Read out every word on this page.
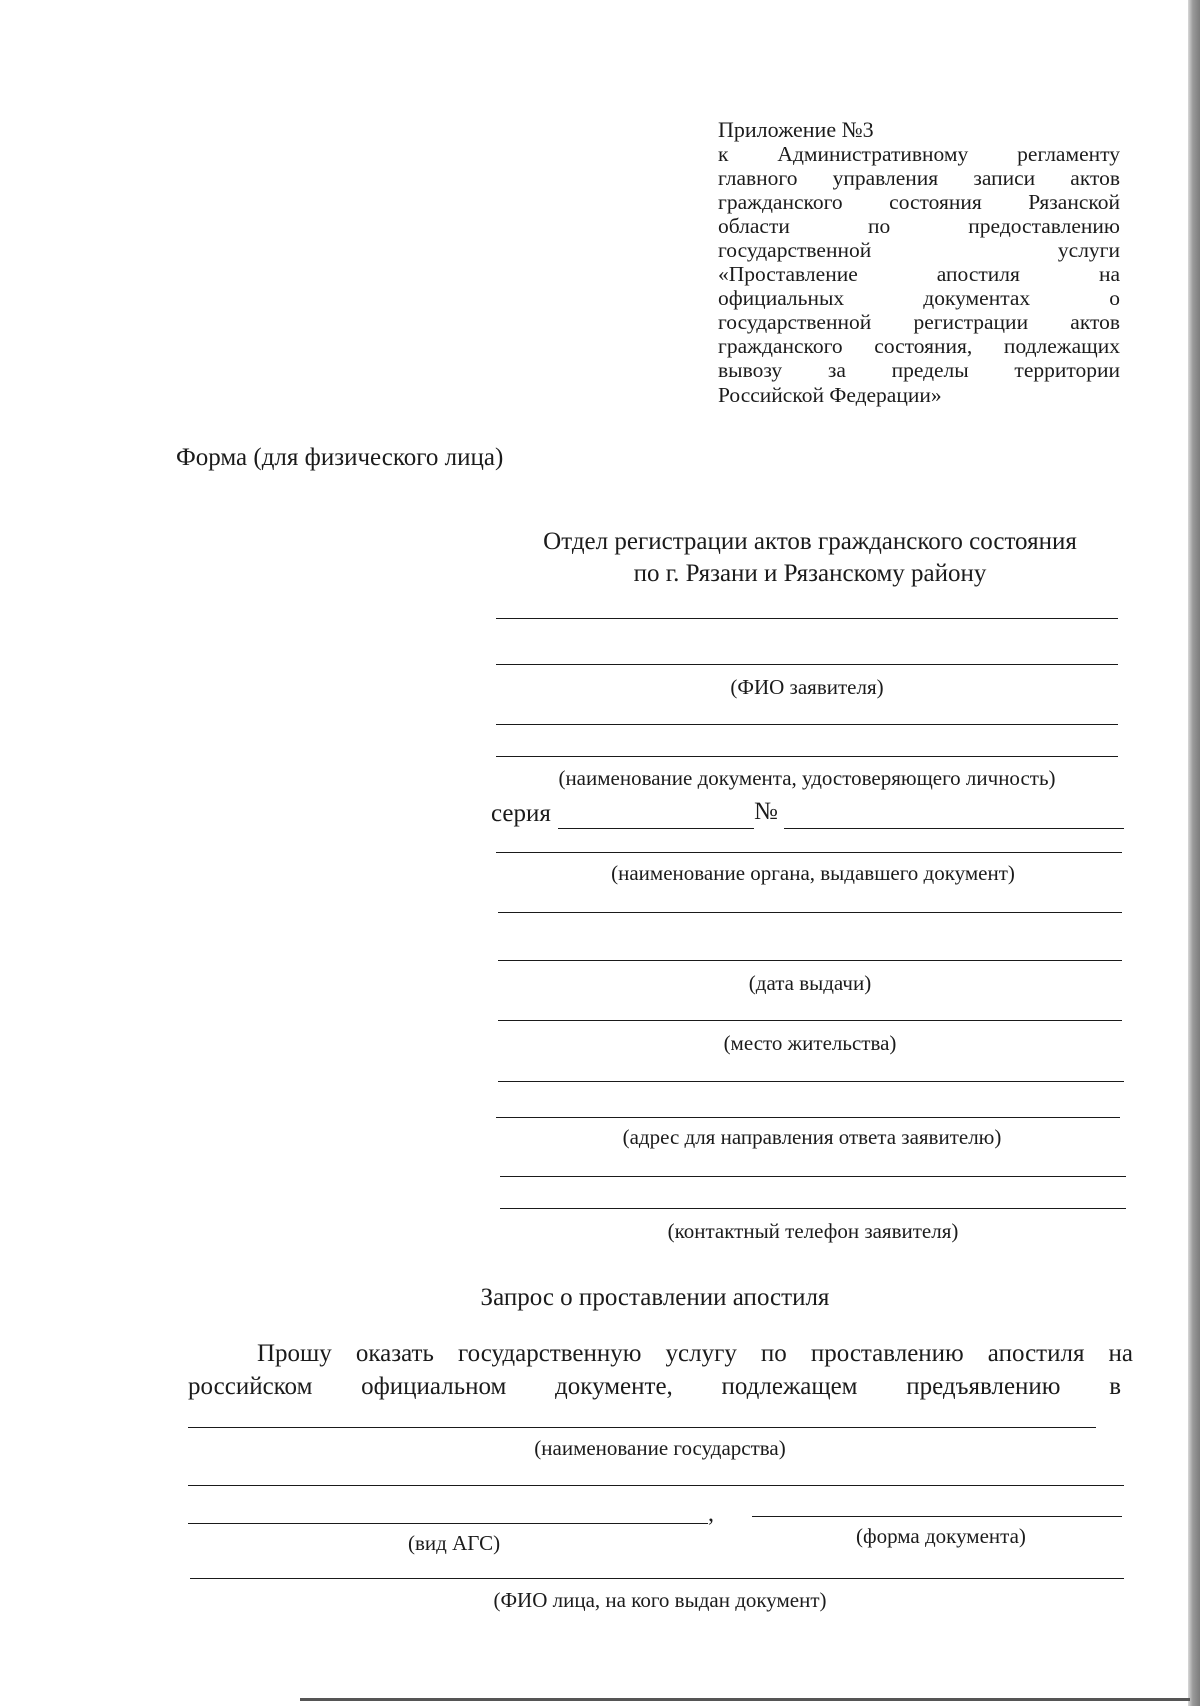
Приложение №3
к Административному регламенту
главного управления записи актов
гражданского состояния Рязанской
области по предоставлению
государственной услуги
«Проставление апостиля на
официальных документах о
государственной регистрации актов
гражданского состояния, подлежащих
вывозу за пределы территории
Российской Федерации»
Форма (для физического лица)
Отдел регистрации актов гражданского состояния
по г. Рязани и Рязанскому району
(ФИО заявителя)
(наименование документа, удостоверяющего личность)
серия	№
(наименование органа, выдавшего документ)
(дата выдачи)
(место жительства)
(адрес для направления ответа заявителю)
(контактный телефон заявителя)
Запрос о проставлении апостиля
Прошу оказать государственную услугу по проставлению апостиля на
российском официальном документе, подлежащем предъявлению в
(наименование государства)
,
(вид АГС)	(форма документа)
(ФИО лица, на кого выдан документ)
